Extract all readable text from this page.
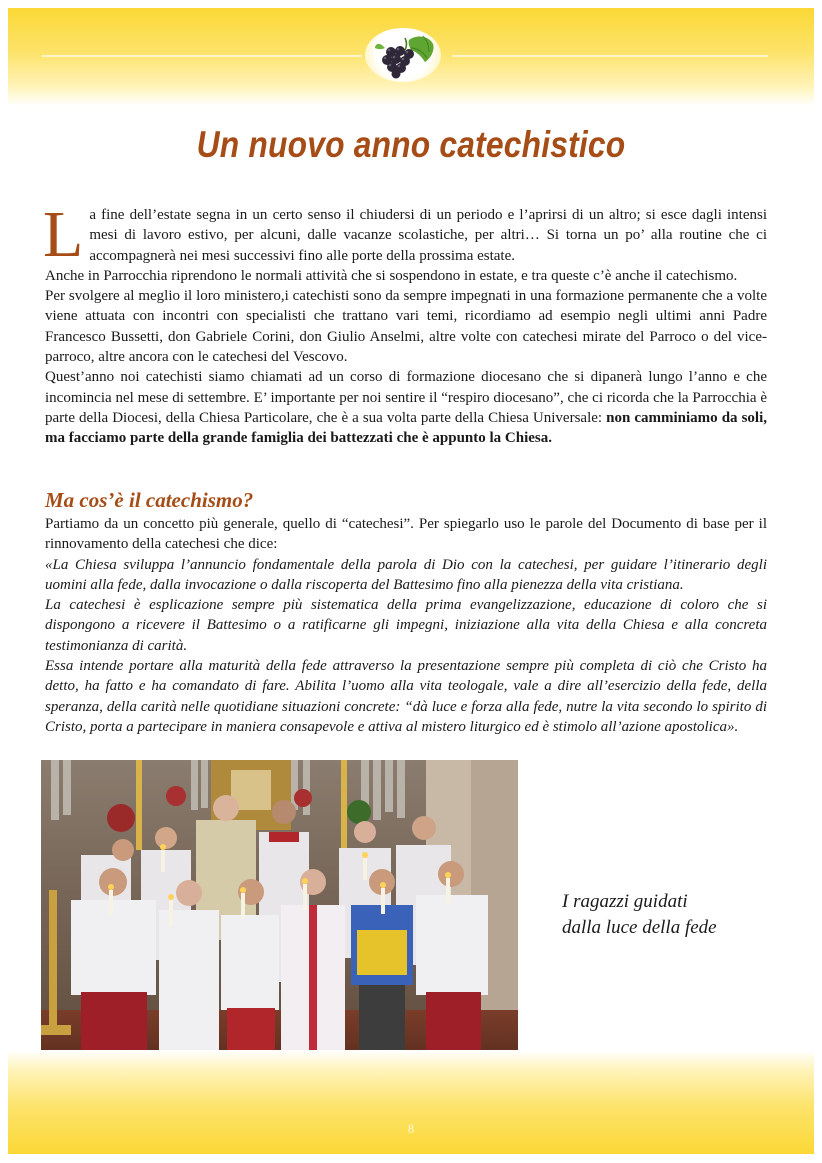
Un nuovo anno catechistico

La fine dell’estate segna in un certo senso il chiudersi di un periodo e l’aprirsi di un altro; si esce dagli intensi mesi di lavoro estivo, per alcuni, dalle vacanze scolastiche, per altri… Si torna un po’ alla routine che ci accompagnerà nei mesi successivi fino alle porte della prossima estate.

Anche in Parrocchia riprendono le normali attività che si sospendono in estate, e tra queste c’è anche il catechismo.

Per svolgere al meglio il loro ministero,i catechisti sono da sempre impegnati in una formazione permanente che a volte viene attuata con incontri con specialisti che trattano vari temi, ricordiamo ad esempio negli ultimi anni Padre Francesco Bussetti, don Gabriele Corini, don Giulio Anselmi, altre volte con catechesi mirate del Parroco o del vice-parroco, altre ancora con le catechesi del Vescovo.

Quest’anno noi catechisti siamo chiamati ad un corso di formazione diocesano che si dipanerà lungo l’anno e che incomincia nel mese di settembre. E’ importante per noi sentire il “respiro diocesano”, che ci ricorda che la Parrocchia è parte della Diocesi, della Chiesa Particolare, che è a sua volta parte della Chiesa Universale: non camminiamo da soli, ma facciamo parte della grande famiglia dei battezzati che è appunto la Chiesa.

Ma cos’è il catechismo?

Partiamo da un concetto più generale, quello di “catechesi”. Per spiegarlo uso le parole del Documento di base per il rinnovamento della catechesi che dice:

«La Chiesa sviluppa l’annuncio fondamentale della parola di Dio con la catechesi, per guidare l’itinerario degli uomini alla fede, dalla invocazione o dalla riscoperta del Battesimo fino alla pienezza della vita cristiana.

La catechesi è esplicazione sempre più sistematica della prima evangelizzazione, educazione di coloro che si dispongono a ricevere il Battesimo o a ratificarne gli impegni, iniziazione alla vita della Chiesa e alla concreta testimonianza di carità.

Essa intende portare alla maturità della fede attraverso la presentazione sempre più completa di ciò che Cristo ha detto, ha fatto e ha comandato di fare. Abilita l’uomo alla vita teologale, vale a dire all’esercizio della fede, della speranza, della carità nelle quotidiane situazioni concrete: “dà luce e forza alla fede, nutre la vita secondo lo spirito di Cristo, porta a partecipare in maniera consapevole e attiva al mistero liturgico ed è stimolo all’azione apostolica».

I ragazzi guidati
dalla luce della fede
8
